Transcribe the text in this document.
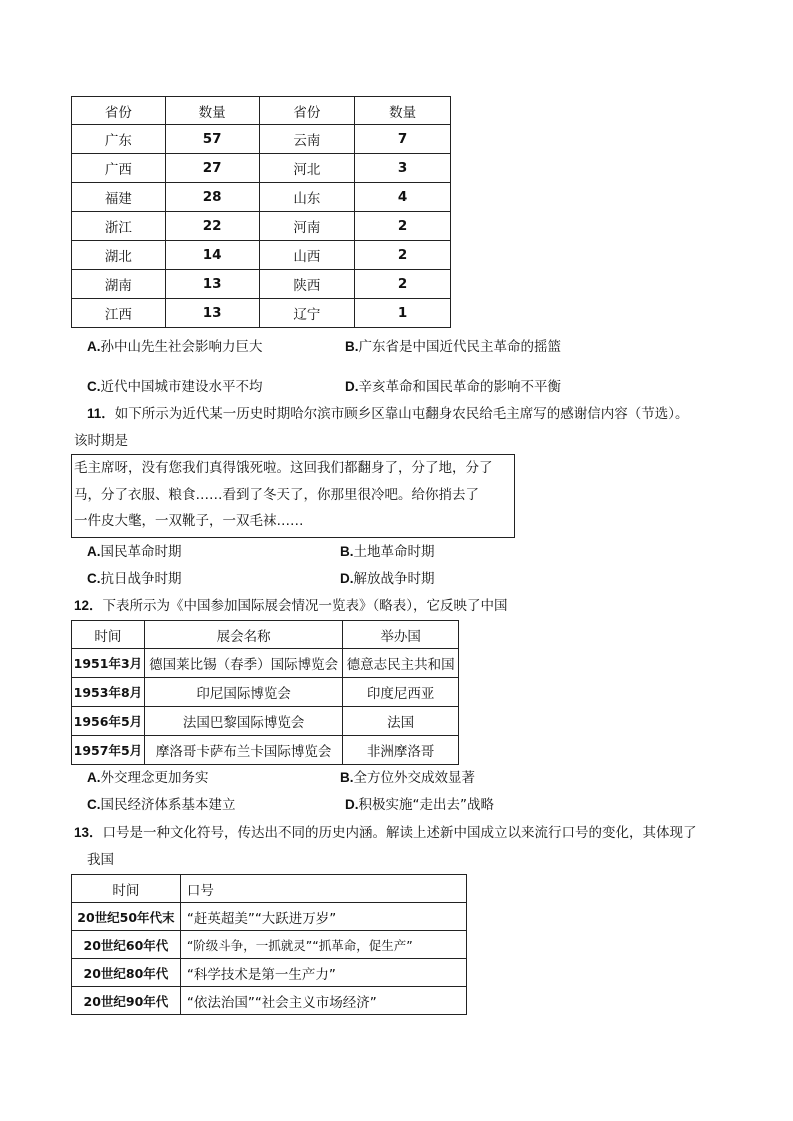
省份	数量	省份	数量
广东	57	云南	7
广西	27	河北	3
福建	28	山东	4
浙江	22	河南	2
湖北	14	山西	2
湖南	13	陕西	2
江西	13	辽宁	1
A.孙中山先生社会影响力巨大	B.广东省是中国近代民主革命的摇篮
C.近代中国城市建设水平不均	D.辛亥革命和国民革命的影响不平衡
11．如下所示为近代某一历史时期哈尔滨市顾乡区靠山屯翻身农民给毛主席写的感谢信内容（节选）。
该时期是
毛主席呀，没有您我们真得饿死啦。这回我们都翻身了，分了地，分了
马，分了衣服、粮食……看到了冬天了，你那里很冷吧。给你捎去了
一件皮大氅，一双靴子，一双毛袜……
A.国民革命时期	B.土地革命时期
C.抗日战争时期	D.解放战争时期
12．下表所示为《中国参加国际展会情况一览表》（略表），它反映了中国
时间	展会名称	举办国
1951年3月	德国莱比锡（春季）国际博览会	德意志民主共和国
1953年8月	印尼国际博览会	印度尼西亚
1956年5月	法国巴黎国际博览会	法国
1957年5月	摩洛哥卡萨布兰卡国际博览会	非洲摩洛哥
A.外交理念更加务实	B.全方位外交成效显著
C.国民经济体系基本建立	D.积极实施“走出去”战略
13．口号是一种文化符号，传达出不同的历史内涵。解读上述新中国成立以来流行口号的变化，其体现了
我国
时间	口号
20世纪50年代末	“赶英超美”“大跃进万岁”
20世纪60年代	“阶级斗争，一抓就灵”“抓革命，促生产”
20世纪80年代	“科学技术是第一生产力”
20世纪90年代	“依法治国”“社会主义市场经济”
